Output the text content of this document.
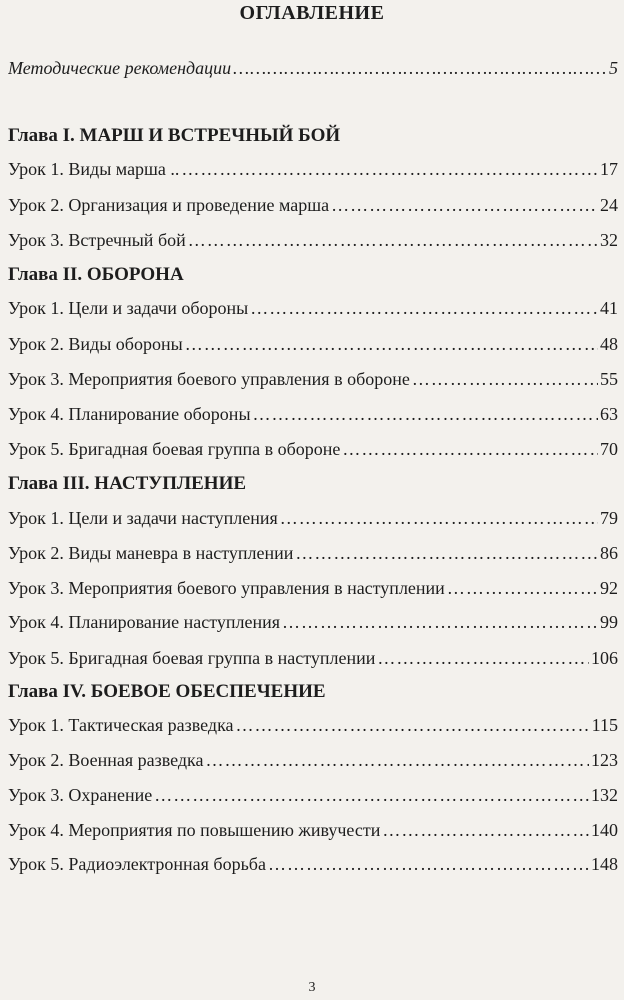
ОГЛАВЛЕНИЕ
Методические рекомендации ……………………………………………………………………………………………………………………………………………………………………	5
Глава I. МАРШ И ВСТРЕЧНЫЙ БОЙ
Урок 1. Виды марша .. ……………………………………………………………………………………………………………………………………………………………………	17
Урок 2. Организация и проведение марша ……………………………………………………………………………………………………………………………………………………………………	24
Урок 3. Встречный бой ……………………………………………………………………………………………………………………………………………………………………	32
Глава II. ОБОРОНА
Урок 1. Цели и задачи обороны ……………………………………………………………………………………………………………………………………………………………………	41
Урок 2. Виды обороны ……………………………………………………………………………………………………………………………………………………………………	48
Урок 3. Мероприятия боевого управления в обороне ……………………………………………………………………………………………………………………………………………………………………	55
Урок 4. Планирование обороны ……………………………………………………………………………………………………………………………………………………………………	63
Урок 5. Бригадная боевая группа в обороне ……………………………………………………………………………………………………………………………………………………………………	70
Глава III. НАСТУПЛЕНИЕ
Урок 1. Цели и задачи наступления ……………………………………………………………………………………………………………………………………………………………………	79
Урок 2. Виды маневра в наступлении ……………………………………………………………………………………………………………………………………………………………………	86
Урок 3. Мероприятия боевого управления в наступлении ……………………………………………………………………………………………………………………………………………………………………	92
Урок 4. Планирование наступления ……………………………………………………………………………………………………………………………………………………………………	99
Урок 5. Бригадная боевая группа в наступлении ……………………………………………………………………………………………………………………………………………………………………	106
Глава IV. БОЕВОЕ ОБЕСПЕЧЕНИЕ
Урок 1. Тактическая разведка ……………………………………………………………………………………………………………………………………………………………………	115
Урок 2. Военная разведка ……………………………………………………………………………………………………………………………………………………………………	123
Урок 3. Охранение ……………………………………………………………………………………………………………………………………………………………………	132
Урок 4. Мероприятия по повышению живучести ……………………………………………………………………………………………………………………………………………………………………	140
Урок 5. Радиоэлектронная борьба ……………………………………………………………………………………………………………………………………………………………………	148
3
